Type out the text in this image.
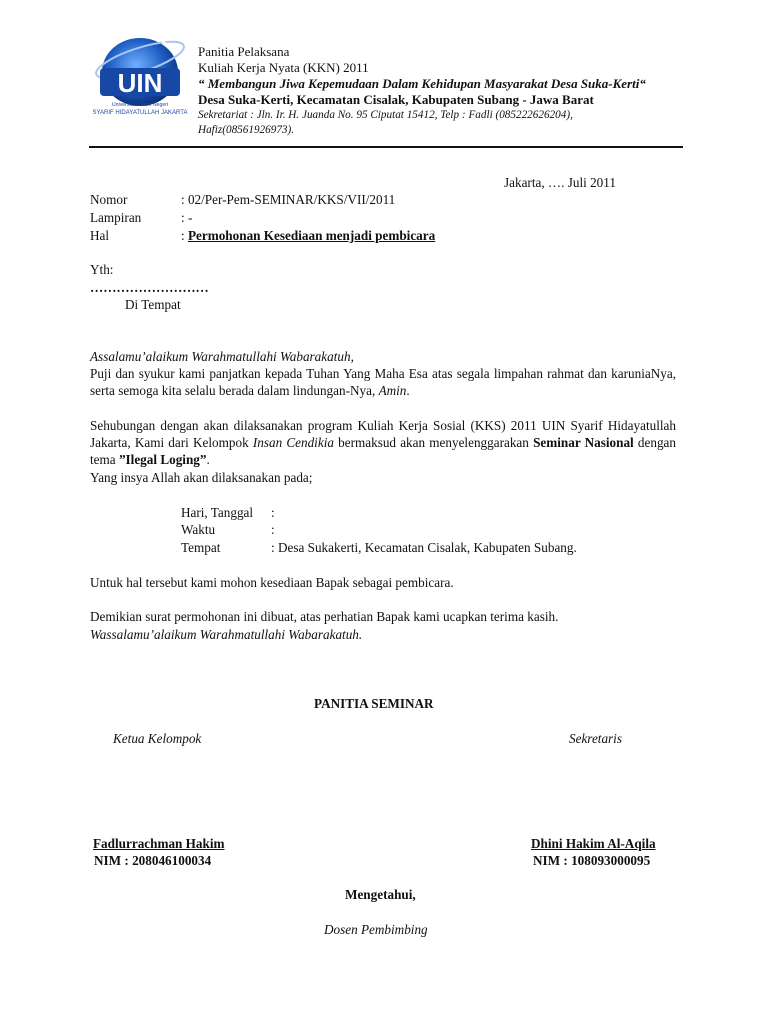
UIN
Universitas Islam Negeri
SYARIF HIDAYATULLAH JAKARTA
Panitia Pelaksana
Kuliah Kerja Nyata (KKN) 2011
“ Membangun Jiwa Kepemudaan Dalam Kehidupan Masyarakat Desa Suka-Kerti“
Desa Suka-Kerti, Kecamatan Cisalak, Kabupaten Subang - Jawa Barat
Sekretariat : Jln. Ir. H. Juanda No. 95 Ciputat 15412, Telp : Fadli (085222626204),
Hafiz(08561926973).
Jakarta, …. Juli 2011
Nomor	: 02/Per-Pem-SEMINAR/KKS/VII/2011
Lampiran	: -
Hal	: Permohonan Kesediaan menjadi pembicara
Yth:
………………………
Di Tempat
Assalamu’alaikum Warahmatullahi Wabarakatuh,
Puji dan syukur kami panjatkan kepada Tuhan Yang Maha Esa atas segala limpahan rahmat dan karuniaNya, serta semoga kita selalu berada dalam lindungan-Nya, Amin.
Sehubungan dengan akan dilaksanakan program Kuliah Kerja Sosial (KKS) 2011 UIN Syarif Hidayatullah Jakarta, Kami dari Kelompok Insan Cendikia bermaksud akan menyelenggarakan Seminar Nasional dengan tema ”Ilegal Loging”.
Yang insya Allah akan dilaksanakan pada;
Hari, Tanggal :
Waktu	:
Tempat	: Desa Sukakerti, Kecamatan Cisalak, Kabupaten Subang.
Untuk hal tersebut kami mohon kesediaan Bapak sebagai pembicara.
Demikian surat permohonan ini dibuat, atas perhatian Bapak kami ucapkan terima kasih.
Wassalamu’alaikum Warahmatullahi Wabarakatuh.
PANITIA SEMINAR
Ketua Kelompok	Sekretaris
Fadlurrachman Hakim
NIM : 208046100034
Dhini Hakim Al-Aqila
NIM : 108093000095
Mengetahui,
Dosen Pembimbing
